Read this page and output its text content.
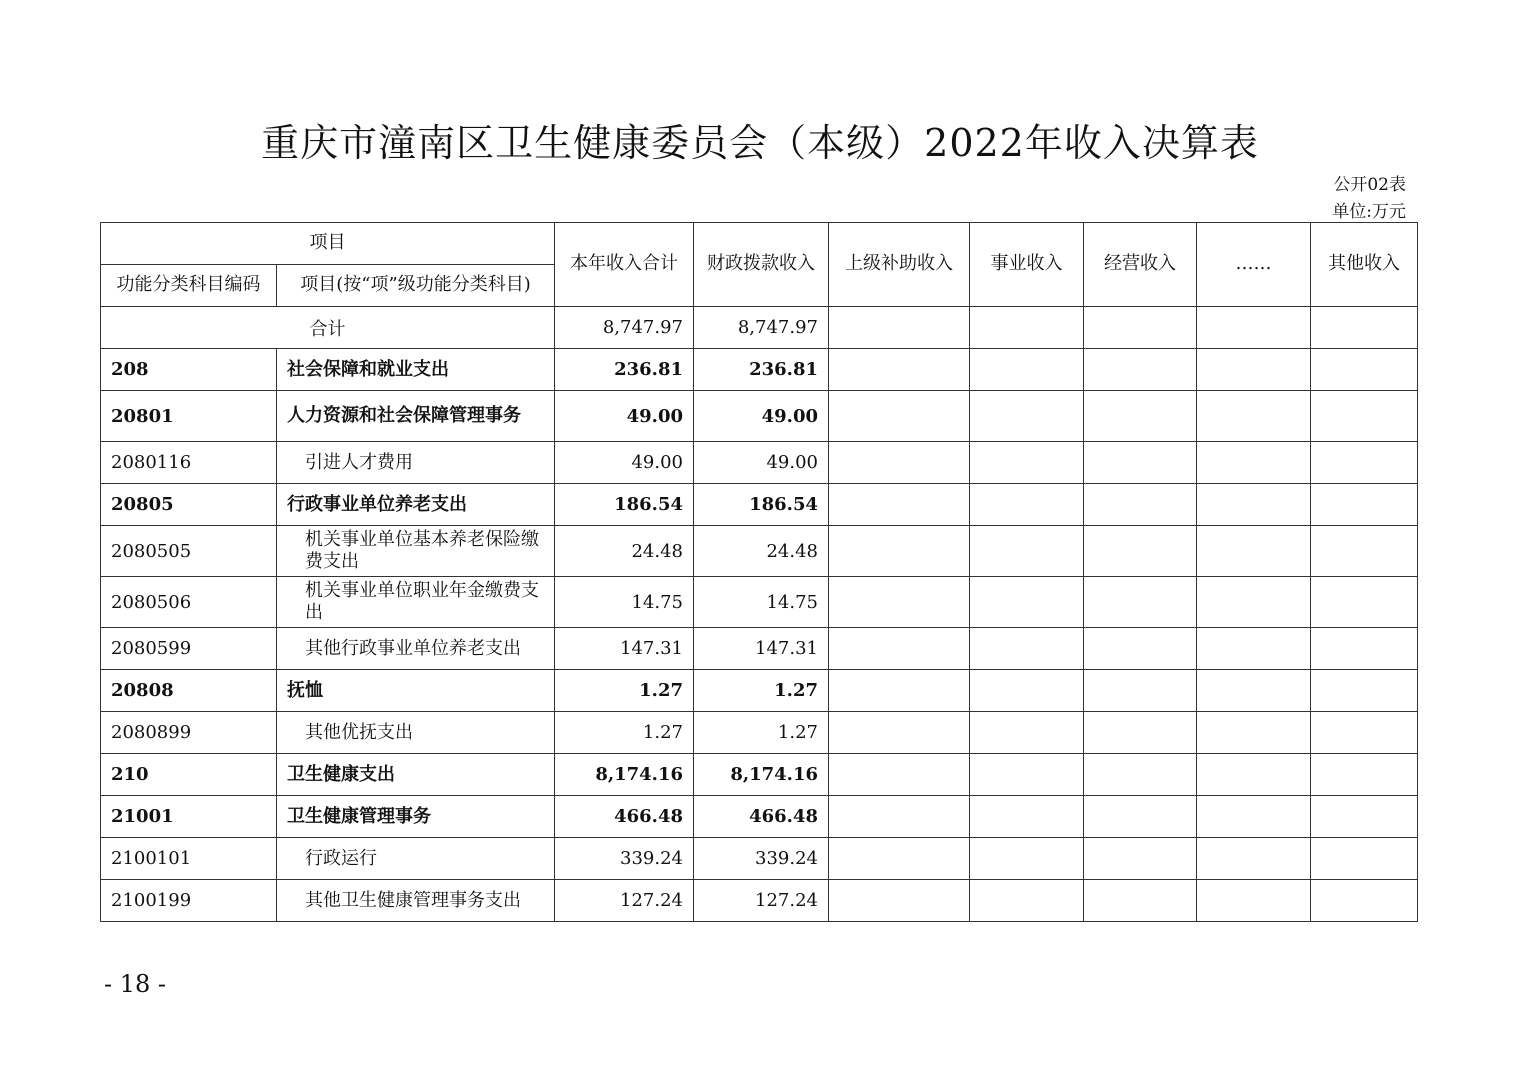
重庆市潼南区卫生健康委员会（本级）2022年收入决算表
公开02表
单位:万元
项目		本年收入合计	财政拨款收入	上级补助收入	事业收入	经营收入	……	其他收入
功能分类科目编码	项目(按“项”级功能分类科目)							
合计		8,747.97	8,747.97					
208	社会保障和就业支出	236.81	236.81					
20801	人力资源和社会保障管理事务	49.00	49.00					
2080116	引进人才费用	49.00	49.00					
20805	行政事业单位养老支出	186.54	186.54					
2080505	机关事业单位基本养老保险缴费支出	24.48	24.48					
2080506	机关事业单位职业年金缴费支出	14.75	14.75					
2080599	其他行政事业单位养老支出	147.31	147.31					
20808	抚恤	1.27	1.27					
2080899	其他优抚支出	1.27	1.27					
210	卫生健康支出	8,174.16	8,174.16					
21001	卫生健康管理事务	466.48	466.48					
2100101	行政运行	339.24	339.24					
2100199	其他卫生健康管理事务支出	127.24	127.24					
- 18 -
